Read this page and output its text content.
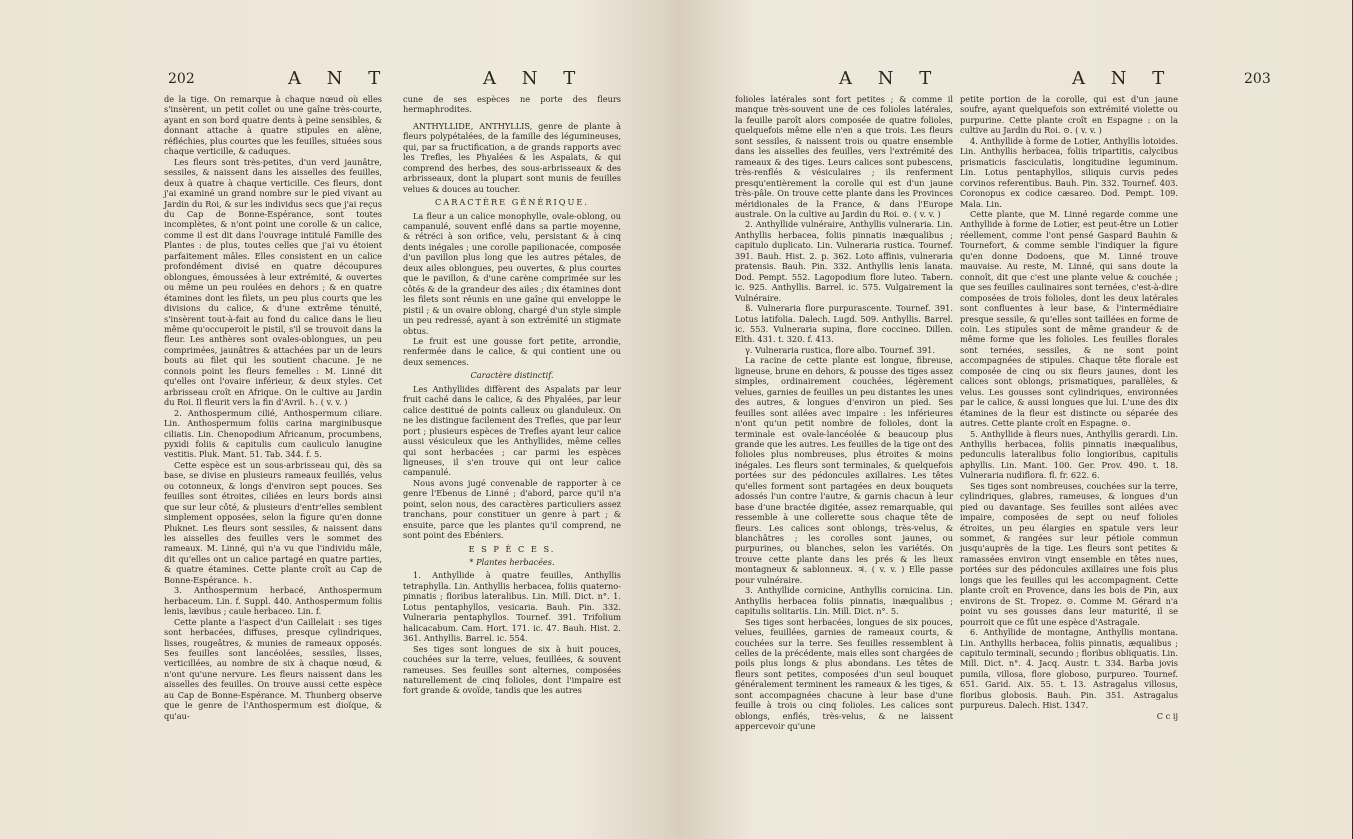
202	A N T	A N T

de la tige. On remarque à chaque nœud où elles s'insèrent, un petit collet ou une gaîne très-courte, ayant en son bord quatre dents à peine sensibles, & donnant attache à quatre stipules en alène, réfléchies, plus courtes que les feuilles, situées sous chaque verticille, & caduques.

Les fleurs sont très-petites, d'un verd jaunâtre, sessiles, & naissent dans les aisselles des feuilles, deux à quatre à chaque verticille. Ces fleurs, dont j'ai examiné un grand nombre sur le pied vivant au Jardin du Roi, & sur les individus secs que j'ai reçus du Cap de Bonne-Espérance, sont toutes incomplètes, & n'ont point une corolle & un calice, comme il est dit dans l'ouvrage intitulé Famille des Plantes : de plus, toutes celles que j'ai vu étoient parfaitement mâles. Elles consistent en un calice profondément divisé en quatre découpures oblongues, émoussées à leur extrémité, & ouvertes ou même un peu roulées en dehors ; & en quatre étamines dont les filets, un peu plus courts que les divisions du calice, & d'une extrême ténuité, s'insèrent tout-à-fait au fond du calice dans le lieu même qu'occuperoit le pistil, s'il se trouvoit dans la fleur. Les anthères sont ovales-oblongues, un peu comprimées, jaunâtres & attachées par un de leurs bouts au filet qui les soutient chacune. Je ne connois point les fleurs femelles : M. Linné dit qu'elles ont l'ovaire inférieur, & deux styles. Cet arbrisseau croît en Afrique. On le cultive au Jardin du Roi. Il fleurit vers la fin d'Avril. ♄. ( v. v. )

2. Anthospermum cilié, Anthospermum ciliare. Lin. Anthospermum foliis carina marginibusque ciliatis. Lin. Chenopodium Africanum, procumbens, pyxidi foliis & capitulis cum cauliculo lanugine vestitis. Pluk. Mant. 51. Tab. 344. f. 5.

Cette espèce est un sous-arbrisseau qui, dès sa base, se divise en plusieurs rameaux feuillés, velus ou cotonneux, & longs d'environ sept pouces. Ses feuilles sont étroites, ciliées en leurs bords ainsi que sur leur côté, & plusieurs d'entr'elles semblent simplement opposées, selon la figure qu'en donne Pluknet. Les fleurs sont sessiles, & naissent dans les aisselles des feuilles vers le sommet des rameaux. M. Linné, qui n'a vu que l'individu mâle, dit qu'elles ont un calice partagé en quatre parties, & quatre étamines. Cette plante croît au Cap de Bonne-Espérance. ♄.

3. Anthospermum herbacé, Anthospermum herbaceum. Lin. f. Suppl. 440. Anthospermum foliis lenis, lævibus ; caule herbaceo. Lin. f.

Cette plante a l'aspect d'un Caillelait : ses tiges sont herbacées, diffuses, presque cylindriques, lisses, rougeâtres, & munies de rameaux opposés. Ses feuilles sont lancéolées, sessiles, lisses, verticillées, au nombre de six à chaque nœud, & n'ont qu'une nervure. Les fleurs naissent dans les aisselles des feuilles. On trouve aussi cette espèce au Cap de Bonne-Espérance. M. Thunberg observe que le genre de l'Anthospermum est dioïque, & qu'au-

cune de ses espèces ne porte des fleurs hermaphrodites.

ANTHYLLIDE, ANTHYLLIS, genre de plante à fleurs polypétalées, de la famille des légumineuses, qui, par sa fructification, a de grands rapports avec les Trefles, les Phyalées & les Aspalats, & qui comprend des herbes, des sous-arbrisseaux & des arbrisseaux, dont la plupart sont munis de feuilles velues & douces au toucher.

CARACTÈRE GÉNÉRIQUE.

La fleur a un calice monophylle, ovale-oblong, ou campanulé, souvent enflé dans sa partie moyenne, & rétréci à son orifice, velu, persistant & à cinq dents inégales ; une corolle papilionacée, composée d'un pavillon plus long que les autres pétales, de deux ailes oblongues, peu ouvertes, & plus courtes que le pavillon, & d'une carène comprimée sur les côtés & de la grandeur des ailes ; dix étamines dont les filets sont réunis en une gaîne qui enveloppe le pistil ; & un ovaire oblong, chargé d'un style simple un peu redressé, ayant à son extrémité un stigmate obtus.

Le fruit est une gousse fort petite, arrondie, renfermée dans le calice, & qui contient une ou deux semences.

Caractère distinctif.

Les Anthyllides diffèrent des Aspalats par leur fruit caché dans le calice, & des Phyalées, par leur calice destitué de points calleux ou glanduleux. On ne les distingue facilement des Trefles, que par leur port ; plusieurs espèces de Trefles ayant leur calice aussi vésiculeux que les Anthyllides, même celles qui sont herbacées ; car parmi les espèces ligneuses, il s'en trouve qui ont leur calice campanulé.

Nous avons jugé convenable de rapporter à ce genre l'Ebenus de Linné ; d'abord, parce qu'il n'a point, selon nous, des caractères particuliers assez tranchans, pour constituer un genre à part ; & ensuite, parce que les plantes qu'il comprend, ne sont point des Ebéniers.

E S P È C E S.

* Plantes herbacées.

1. Anthyllide à quatre feuilles, Anthyllis tetraphylla. Lin. Anthyllis herbacea, foliis quaterno-pinnatis ; floribus lateralibus. Lin. Mill. Dict. n°. 1. Lotus pentaphyllos, vesicaria. Bauh. Pin. 332. Vulneraria pentaphyllos. Tournef. 391. Trifolium halicacabum. Cam. Hort. 171. ic. 47. Bauh. Hist. 2. 361. Anthyllis. Barrel. ic. 554.

Ses tiges sont longues de six à huit pouces, couchées sur la terre, velues, feuillées, & souvent rameuses. Ses feuilles sont alternes, composées naturellement de cinq folioles, dont l'impaire est fort grande & ovoïde, tandis que les autres

A N T	A N T	203

folioles latérales sont fort petites ; & comme il manque très-souvent une de ces folioles latérales, la feuille paroît alors composée de quatre folioles, quelquefois même elle n'en a que trois. Les fleurs sont sessiles, & naissent trois ou quatre ensemble dans les aisselles des feuilles, vers l'extrémité des rameaux & des tiges. Leurs calices sont pubescens, très-renflés & vésiculaires ; ils renferment presqu'entièrement la corolle qui est d'un jaune très-pâle. On trouve cette plante dans les Provinces méridionales de la France, & dans l'Europe australe. On la cultive au Jardin du Roi. ⊙. ( v. v. )

2. Anthyllide vulnéraire, Anthyllis vulneraria. Lin. Anthyllis herbacea, foliis pinnatis inæqualibus ; capitulo duplicato. Lin. Vulneraria rustica. Tournef. 391. Bauh. Hist. 2. p. 362. Loto affinis, vulneraria pratensis. Bauh. Pin. 332. Anthyllis lenis lanata. Dod. Pempt. 552. Lagopodium flore luteo. Tabern. ic. 925. Anthyllis. Barrel. ic. 575. Vulgairement la Vulnéraire.

ß. Vulneraria flore purpurascente. Tournef. 391. Lotus latifolia. Dalech. Lugd. 509. Anthyllis. Barrel. ic. 553. Vulneraria supina, flore coccineo. Dillen. Elth. 431. t. 320. f. 413.

γ. Vulneraria rustica, flore albo. Tournef. 391.

La racine de cette plante est longue, fibreuse, ligneuse, brune en dehors, & pousse des tiges assez simples, ordinairement couchées, légèrement velues, garnies de feuilles un peu distantes les unes des autres, & longues d'environ un pied. Ses feuilles sont ailées avec impaire : les inférieures n'ont qu'un petit nombre de folioles, dont la terminale est ovale-lancéolée & beaucoup plus grande que les autres. Les feuilles de la tige ont des folioles plus nombreuses, plus étroites & moins inégales. Les fleurs sont terminales, & quelquefois portées sur des pédoncules axillaires. Les têtes qu'elles forment sont partagées en deux bouquets adossés l'un contre l'autre, & garnis chacun à leur base d'une bractée digitée, assez remarquable, qui ressemble à une collerette sous chaque tête de fleurs. Les calices sont oblongs, très-velus, & blanchâtres ; les corolles sont jaunes, ou purpurines, ou blanches, selon les variétés. On trouve cette plante dans les prés & les lieux montagneux & sablonneux. ♃. ( v. v. ) Elle passe pour vulnéraire.

3. Anthyllide cornicine, Anthyllis cornicina. Lin. Anthyllis herbacea foliis pinnatis, inæqualibus ; capitulis solitariis. Lin. Mill. Dict. n°. 5.

Ses tiges sont herbacées, longues de six pouces, velues, feuillées, garnies de rameaux courts, & couchées sur la terre. Ses feuilles ressemblent à celles de la précédente, mais elles sont chargées de poils plus longs & plus abondans. Les têtes de fleurs sont petites, composées d'un seul bouquet généralement terminent les rameaux & les tiges, & sont accompagnées chacune à leur base d'une feuille à trois ou cinq folioles. Les calices sont oblongs, enflés, très-velus, & ne laissent appercevoir qu'une

petite portion de la corolle, qui est d'un jaune soufre, ayant quelquefois son extrémité violette ou purpurine. Cette plante croît en Espagne : on la cultive au Jardin du Roi. ⊙. ( v. v. )

4. Anthyllide à forme de Lotier, Anthyllis lotoides. Lin. Anthyllis herbacea, foliis tripartitis, calycibus prismaticis fasciculatis, longitudine leguminum. Lin. Lotus pentaphyllos, siliquis curvis pedes corvinos referentibus. Bauh. Pin. 332. Tournef. 403. Coronopus ex codice cæsareo. Dod. Pempt. 109. Mala. Lin.

Cette plante, que M. Linné regarde comme une Anthyllide à forme de Lotier, est peut-être un Lotier réellement, comme l'ont pensé Gaspard Bauhin & Tournefort, & comme semble l'indiquer la figure qu'en donne Dodoens, que M. Linné trouve mauvaise. Au reste, M. Linné, qui sans doute la connoît, dit que c'est une plante velue & couchée ; que ses feuilles caulinaires sont ternées, c'est-à-dire composées de trois folioles, dont les deux latérales sont confluentes à leur base, & l'intermédiaire presque sessile, & qu'elles sont taillées en forme de coin. Les stipules sont de même grandeur & de même forme que les folioles. Les feuilles florales sont ternées, sessiles, & ne sont point accompagnées de stipules. Chaque tête florale est composée de cinq ou six fleurs jaunes, dont les calices sont oblongs, prismatiques, parallèles, & velus. Les gousses sont cylindriques, environnées par le calice, & aussi longues que lui. L'une des dix étamines de la fleur est distincte ou séparée des autres. Cette plante croît en Espagne. ⊙.

5. Anthyllide à fleurs nues, Anthyllis gerardi. Lin. Anthyllis herbacea, foliis pinnatis inæqualibus, pedunculis lateralibus folio longioribus, capitulis aphyllis. Lin. Mant. 100. Ger. Prov. 490. t. 18. Vulneraria nudiflora. fl. fr. 622. 6.

Ses tiges sont nombreuses, couchées sur la terre, cylindriques, glabres, rameuses, & longues d'un pied ou davantage. Ses feuilles sont ailées avec impaire, composées de sept ou neuf folioles étroites, un peu élargies en spatule vers leur sommet, & rangées sur leur pétiole commun jusqu'auprès de la tige. Les fleurs sont petites & ramassées environ vingt ensemble en têtes nues, portées sur des pédoncules axillaires une fois plus longs que les feuilles qui les accompagnent. Cette plante croît en Provence, dans les bois de Pin, aux environs de St. Tropez. ⊙. Comme M. Gérard n'a point vu ses gousses dans leur maturité, il se pourroit que ce fût une espèce d'Astragale.

6. Anthyllide de montagne, Anthyllis montana. Lin. Anthyllis herbacea, foliis pinnatis, æqualibus ; capitulo terminali, secundo ; floribus obliquatis. Lin. Mill. Dict. n°. 4. Jacq. Austr. t. 334. Barba jovis pumila, villosa, flore globoso, purpureo. Tournef. 651. Garid. Aix. 55. t. 13. Astragalus villosus, floribus globosis. Bauh. Pin. 351. Astragalus purpureus. Dalech. Hist. 1347.

C c ij
